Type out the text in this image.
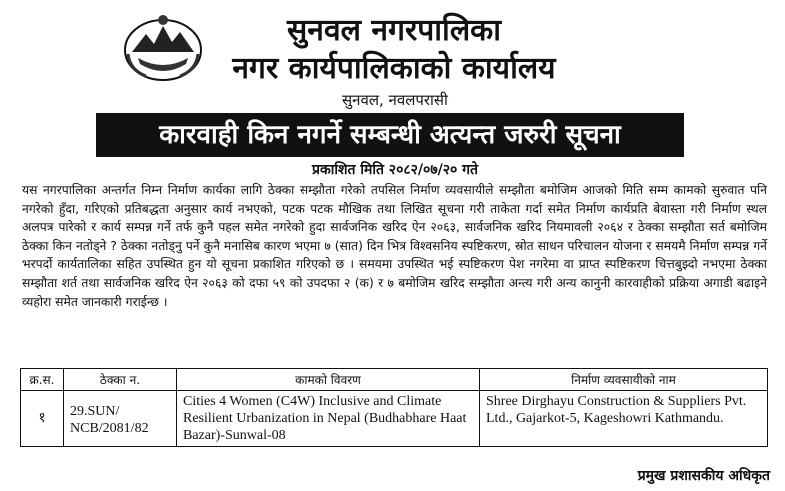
सुनवल नगरपालिका
नगर कार्यपालिकाको कार्यालय
सुनवल, नवलपरासी
कारवाही किन नगर्ने सम्बन्धी अत्यन्त जरुरी सूचना
प्रकाशित मिति २०८२/०७/२० गते
यस नगरपालिका अन्तर्गत निम्न निर्माण कार्यका लागि ठेक्का सम्झौता गरेको तपसिल निर्माण व्यवसायीले सम्झौता बमोजिम आजको मिति सम्म कामको सुरुवात पनि नगरेको हुँदा, गरिएको प्रतिबद्धता अनुसार कार्य नभएको, पटक पटक मौखिक तथा लिखित सूचना गरी ताकेता गर्दा समेत निर्माण कार्यप्रति बेवास्ता गरी निर्माण स्थल अलपत्र पारेको र कार्य सम्पन्न गर्ने तर्फ कुनै पहल समेत नगरेको हुदा सार्वजनिक खरिद ऐन २०६३, सार्वजनिक खरिद नियमावली २०६४ र ठेक्का सम्झौता सर्त बमोजिम ठेक्का किन नतोड्ने ? ठेक्का नतोड्नु पर्ने कुनै मनासिब कारण भएमा ७ (सात) दिन भित्र विश्वसनिय स्पष्टिकरण, स्रोत साधन परिचालन योजना र समयमै निर्माण सम्पन्न गर्ने भरपर्दो कार्यतालिका सहित उपस्थित हुन यो सूचना प्रकाशित गरिएको छ । समयमा उपस्थित भई स्पष्टिकरण पेश नगरेमा वा प्राप्त स्पष्टिकरण चित्तबुझ्दो नभएमा ठेक्का सम्झौता शर्त तथा सार्वजनिक खरिद ऐन २०६३ को दफा ५९ को उपदफा २ (क) र ७ बमोजिम खरिद सम्झौता अन्त्य गरी अन्य कानुनी कारवाहीको प्रक्रिया अगाडी बढाइने व्यहोरा समेत जानकारी गराईन्छ ।
क्र.स.	ठेक्का न.	कामको विवरण	निर्माण व्यवसायीको नाम
१	29.SUN/ NCB/2081/82	Cities 4 Women (C4W) Inclusive and Climate Resilient Urbanization in Nepal (Budhabhare Haat Bazar)-Sunwal-08	Shree Dirghayu Construction & Suppliers Pvt. Ltd., Gajarkot-5, Kageshowri Kathmandu.
प्रमुख प्रशासकीय अधिकृत
